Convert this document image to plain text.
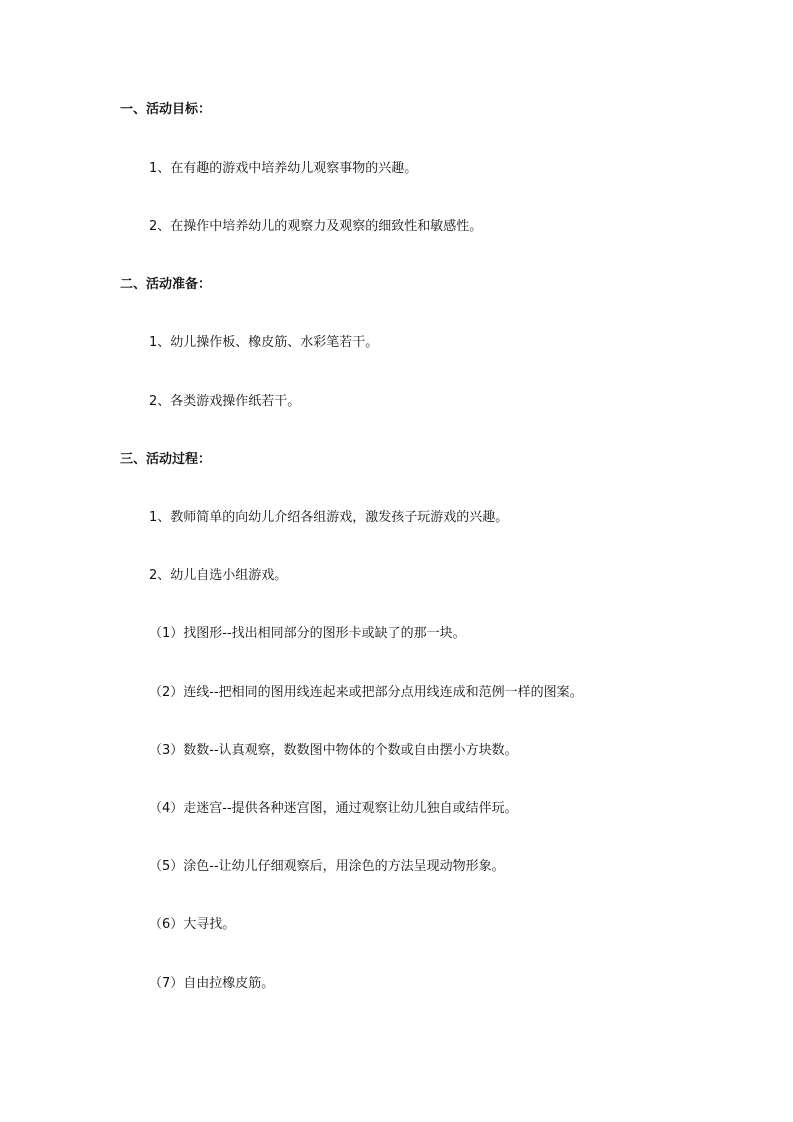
一、活动目标：
1、在有趣的游戏中培养幼儿观察事物的兴趣。
2、在操作中培养幼儿的观察力及观察的细致性和敏感性。
二、活动准备：
1、幼儿操作板、橡皮筋、水彩笔若干。
2、各类游戏操作纸若干。
三、活动过程：
1、教师简单的向幼儿介绍各组游戏，激发孩子玩游戏的兴趣。
2、幼儿自选小组游戏。
（1）找图形--找出相同部分的图形卡或缺了的那一块。
（2）连线--把相同的图用线连起来或把部分点用线连成和范例一样的图案。
（3）数数--认真观察，数数图中物体的个数或自由摆小方块数。
（4）走迷宫--提供各种迷宫图，通过观察让幼儿独自或结伴玩。
（5）涂色--让幼儿仔细观察后，用涂色的方法呈现动物形象。
（6）大寻找。
（7）自由拉橡皮筋。
